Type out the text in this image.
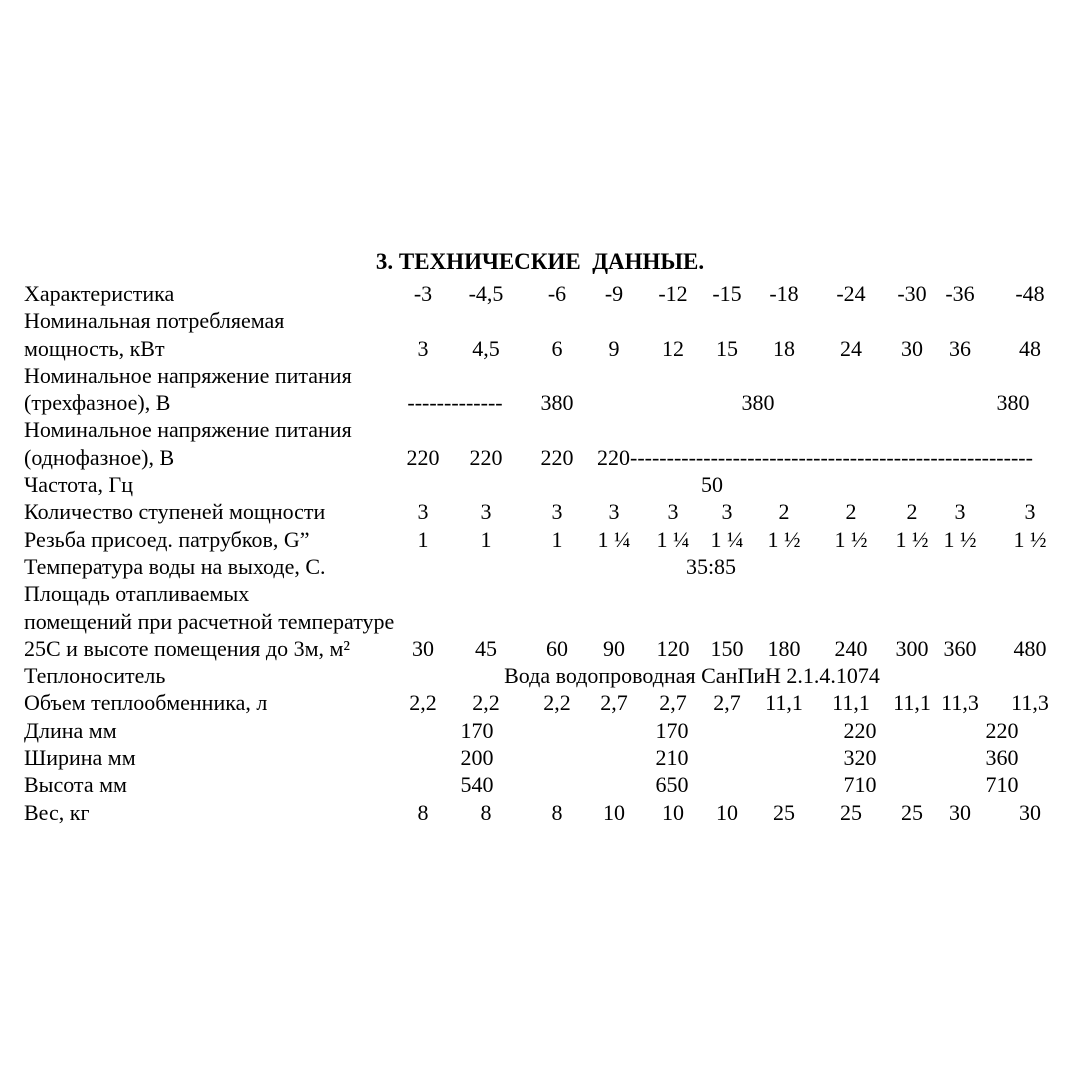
3. ТЕХНИЧЕСКИЕ  ДАННЫЕ.
Характеристика	-3 -4,5 -6 -9 -12 -15 -18 -24 -30 -36 -48
Номинальная потребляемая
мощность, кВт	3 4,5 6 9 12 15 18 24 30 36 48
Номинальное напряжение питания
(трехфазное), В	------------- 380	380	380
Номинальное напряжение питания
(однофазное), В	220 220 220 220-------------------------------------------------------
Частота, Гц	50
Количество ступеней мощности	3 3	3 3 3 3 2	2 2 3	3
Резьба присоед. патрубков, G”	1 1	1 1 ¼ 1 ¼ 1 ¼ 1 ½ 1 ½ 1 ½ 1 ½ 1 ½
Температура воды на выходе, С.	35:85
Площадь отапливаемых
помещений при расчетной температуре
25С и высоте помещения до 3м, м²	30 45 60 90 120 150 180 240 300 360 480
Теплоноситель	Вода водопроводная СанПиН 2.1.4.1074
Объем теплообменника, л	2,2 2,2 2,2 2,7 2,7 2,7 11,1 11,1 11,1 11,3 11,3
Длина мм	170	170	220	220
Ширина мм	200	210	320	360
Высота мм	540	650	710	710
Вес, кг	8 8	8 10 10 10 25 25 25 30 30
